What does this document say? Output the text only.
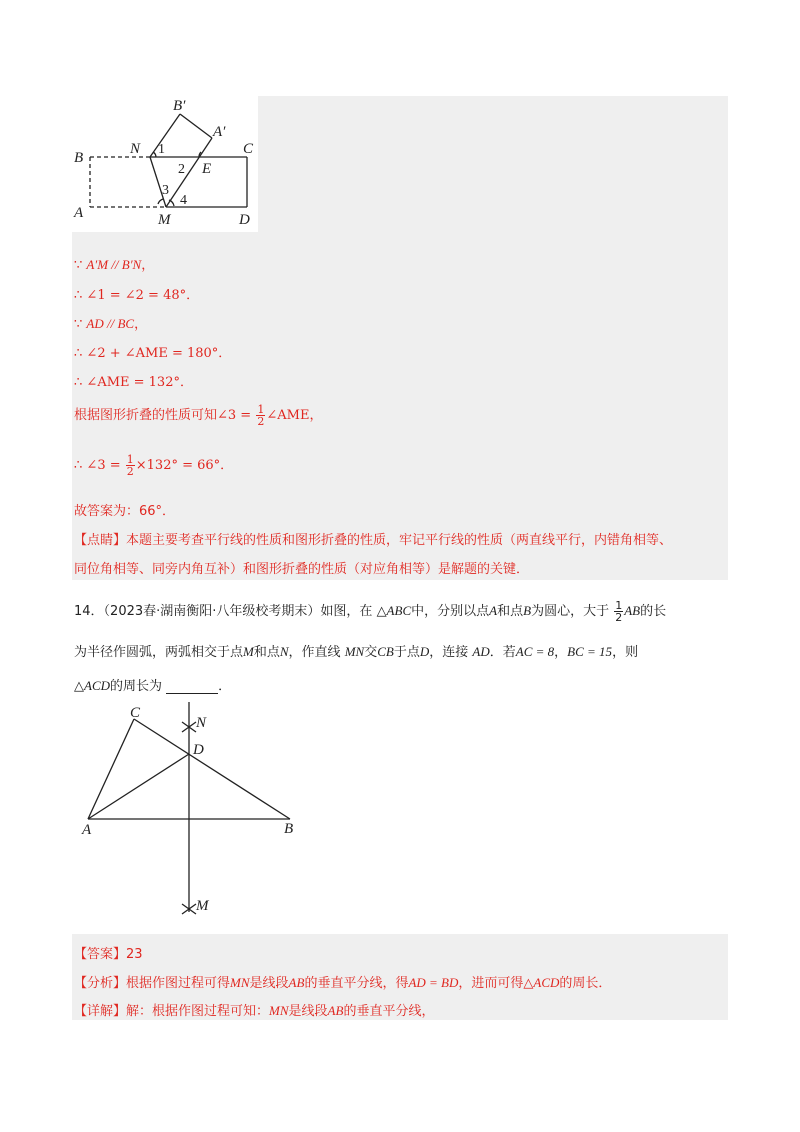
B′
A′
B
C
N
E
A	M	D
1
2
3
4
∵ A′M // B′N，
∴ ∠1 = ∠2 = 48°．
∵ AD // BC，
∴ ∠2 + ∠AME = 180°．
∴ ∠AME = 132°．
根据图形折叠的性质可知∠3 = $\frac{1}{2}$ ∠AME，
∴ ∠3 = $\frac{1}{2} \times 132^\circ = 66^\circ$．
故答案为：66°．
【点睛】本题主要考查平行线的性质和图形折叠的性质，牢记平行线的性质（两直线平行，内错角相等、
同位角相等、同旁内角互补）和图形折叠的性质（对应角相等）是解题的关键．
14．（2023春·湖南衡阳·八年级校考期末）如图，在 △ABC中，分别以点A和点B为圆心，大于 $\frac{1}{2}$ AB的长
为半径作圆弧，两弧相交于点M和点N，作直线 MN交CB于点D，连接 AD．若AC = 8，BC = 15，则
△ACD的周长为	．
C
N
D
A	B
M
【答案】23
【分析】根据作图过程可得MN是线段AB的垂直平分线，得AD = BD，进而可得△ACD的周长．
【详解】解：根据作图过程可知：MN是线段AB的垂直平分线，
